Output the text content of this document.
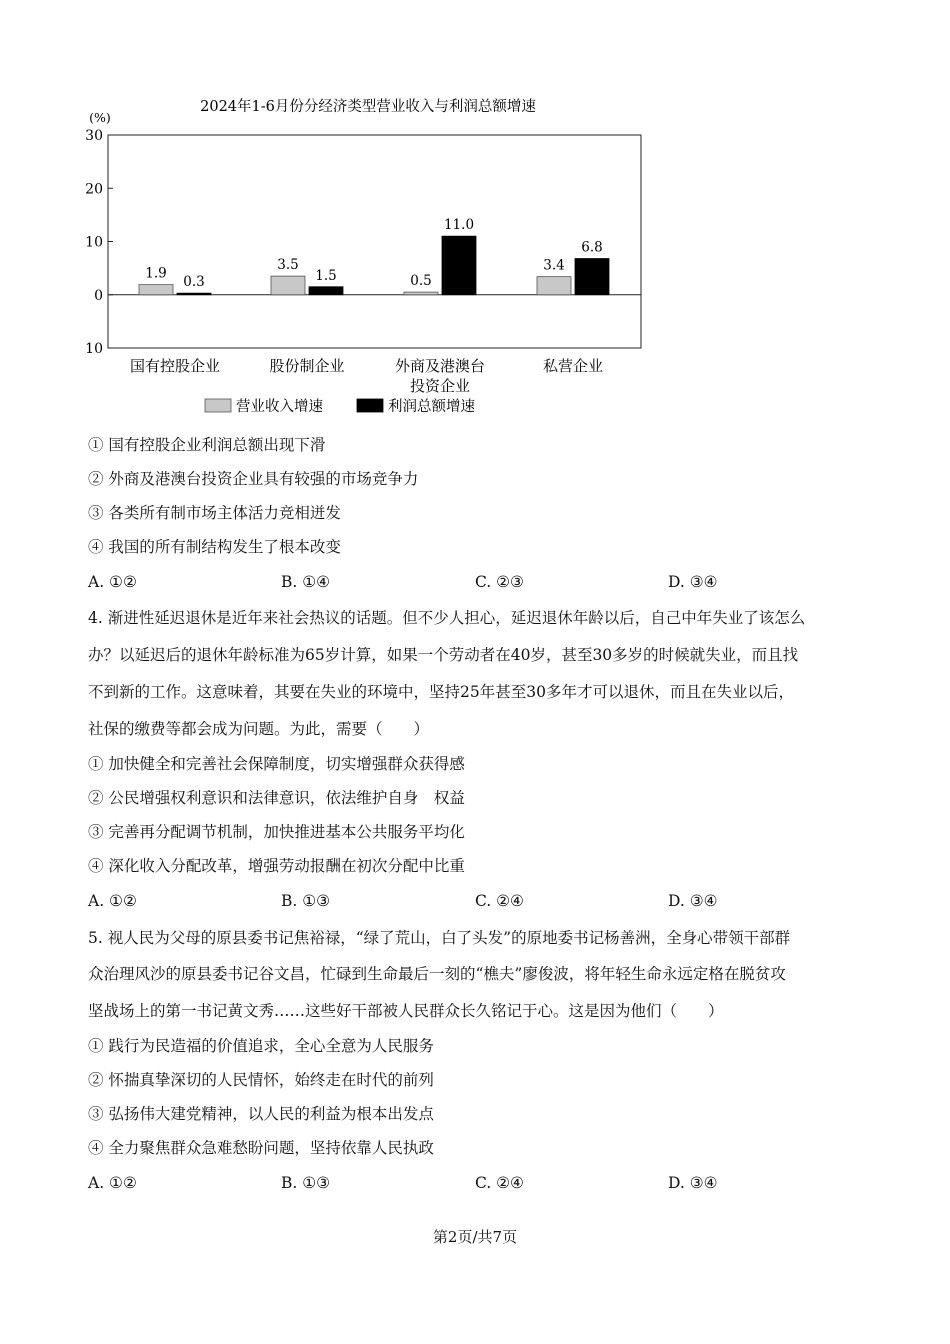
2024年1-6月份分经济类型营业收入与利润总额增速
(%)
30
20
10
0
10
1.9
3.5
0.5
3.4
0.3	1.5
11.0
6.8
国有控股企业	股份制企业	外商及港澳台
投资企业
私营企业
营业收入增速	利润总额增速
① 国有控股企业利润总额出现下滑
② 外商及港澳台投资企业具有较强的市场竞争力
③ 各类所有制市场主体活力竞相迸发
④ 我国的所有制结构发生了根本改变
A. ①②	B. ①④	C. ②③	D. ③④
4. 渐进性延迟退休是近年来社会热议的话题。但不少人担心，延迟退休年龄以后，自己中年失业了该怎么
办？以延迟后的退休年龄标准为65岁计算，如果一个劳动者在40岁，甚至30多岁的时候就失业，而且找
不到新的工作。这意味着，其要在失业的环境中，坚持25年甚至30多年才可以退休，而且在失业以后，
社保的缴费等都会成为问题。为此，需要（　　）
① 加快健全和完善社会保障制度，切实增强群众获得感
② 公民增强权利意识和法律意识，依法维护自身　权益
③ 完善再分配调节机制，加快推进基本公共服务平均化
④ 深化收入分配改革，增强劳动报酬在初次分配中比重
A. ①②	B. ①③	C. ②④	D. ③④
5. 视人民为父母的原县委书记焦裕禄，“绿了荒山，白了头发”的原地委书记杨善洲，全身心带领干部群
众治理风沙的原县委书记谷文昌，忙碌到生命最后一刻的“樵夫”廖俊波，将年轻生命永远定格在脱贫攻
坚战场上的第一书记黄文秀……这些好干部被人民群众长久铭记于心。这是因为他们（　　）
① 践行为民造福的价值追求，全心全意为人民服务
② 怀揣真挚深切的人民情怀，始终走在时代的前列
③ 弘扬伟大建党精神，以人民的利益为根本出发点
④ 全力聚焦群众急难愁盼问题，坚持依靠人民执政
A. ①②	B. ①③	C. ②④	D. ③④
第2页/共7页
